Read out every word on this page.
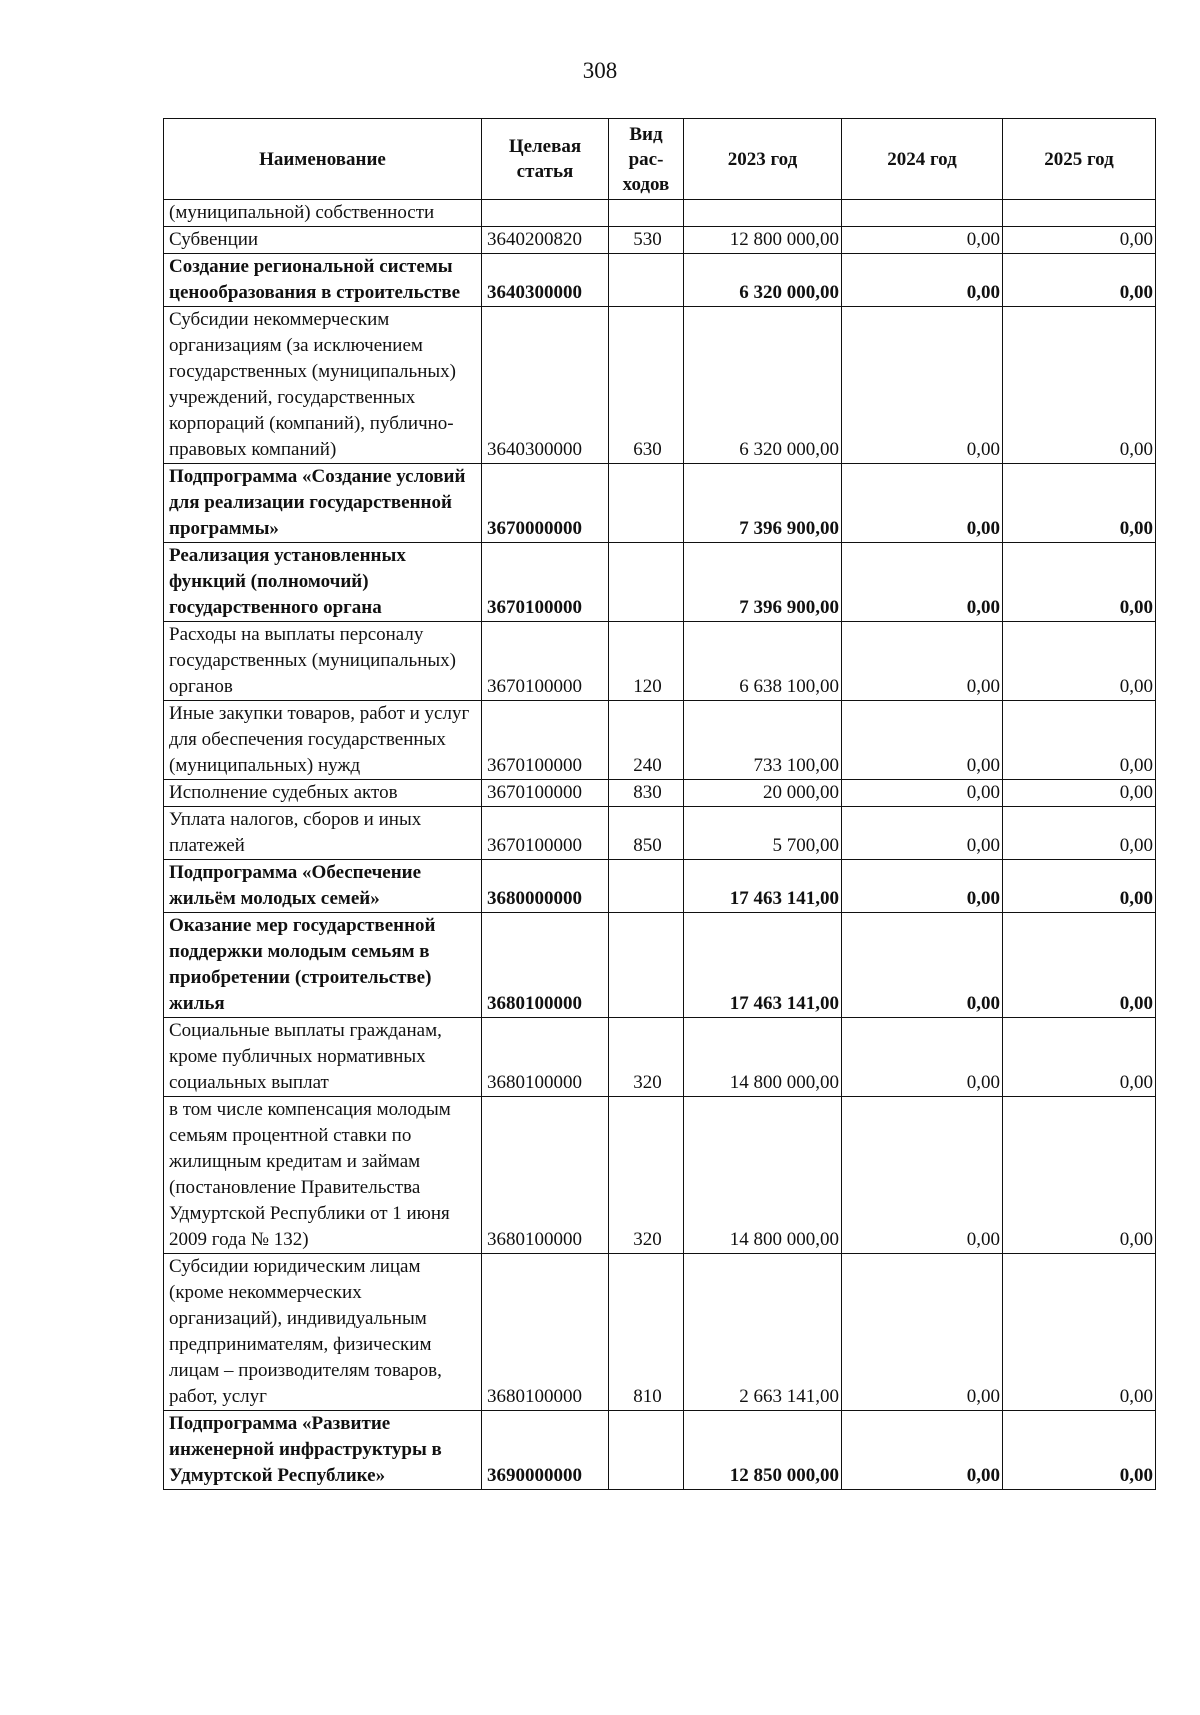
308
Наименование	Целевая статья	Вид рас-ходов	2023 год	2024 год	2025 год
(муниципальной) собственности					
Субвенции	3640200820	530	12 800 000,00	0,00	0,00
Создание региональной системы ценообразования в строительстве	3640300000		6 320 000,00	0,00	0,00
Субсидии некоммерческим организациям (за исключением государственных (муниципальных) учреждений, государственных корпораций (компаний), публично-правовых компаний)	3640300000	630	6 320 000,00	0,00	0,00
Подпрограмма «Создание условий для реализации государственной программы»	3670000000		7 396 900,00	0,00	0,00
Реализация установленных функций (полномочий) государственного органа	3670100000		7 396 900,00	0,00	0,00
Расходы на выплаты персоналу государственных (муниципальных) органов	3670100000	120	6 638 100,00	0,00	0,00
Иные закупки товаров, работ и услуг для обеспечения государственных (муниципальных) нужд	3670100000	240	733 100,00	0,00	0,00
Исполнение судебных актов	3670100000	830	20 000,00	0,00	0,00
Уплата налогов, сборов и иных платежей	3670100000	850	5 700,00	0,00	0,00
Подпрограмма «Обеспечение жильём молодых семей»	3680000000		17 463 141,00	0,00	0,00
Оказание мер государственной поддержки молодым семьям в приобретении (строительстве) жилья	3680100000		17 463 141,00	0,00	0,00
Социальные выплаты гражданам, кроме публичных нормативных социальных выплат	3680100000	320	14 800 000,00	0,00	0,00
в том числе компенсация молодым семьям процентной ставки по жилищным кредитам и займам (постановление Правительства Удмуртской Республики от 1 июня 2009 года № 132)	3680100000	320	14 800 000,00	0,00	0,00
Субсидии юридическим лицам (кроме некоммерческих организаций), индивидуальным предпринимателям, физическим лицам – производителям товаров, работ, услуг	3680100000	810	2 663 141,00	0,00	0,00
Подпрограмма «Развитие инженерной инфраструктуры в Удмуртской Республике»	3690000000		12 850 000,00	0,00	0,00
